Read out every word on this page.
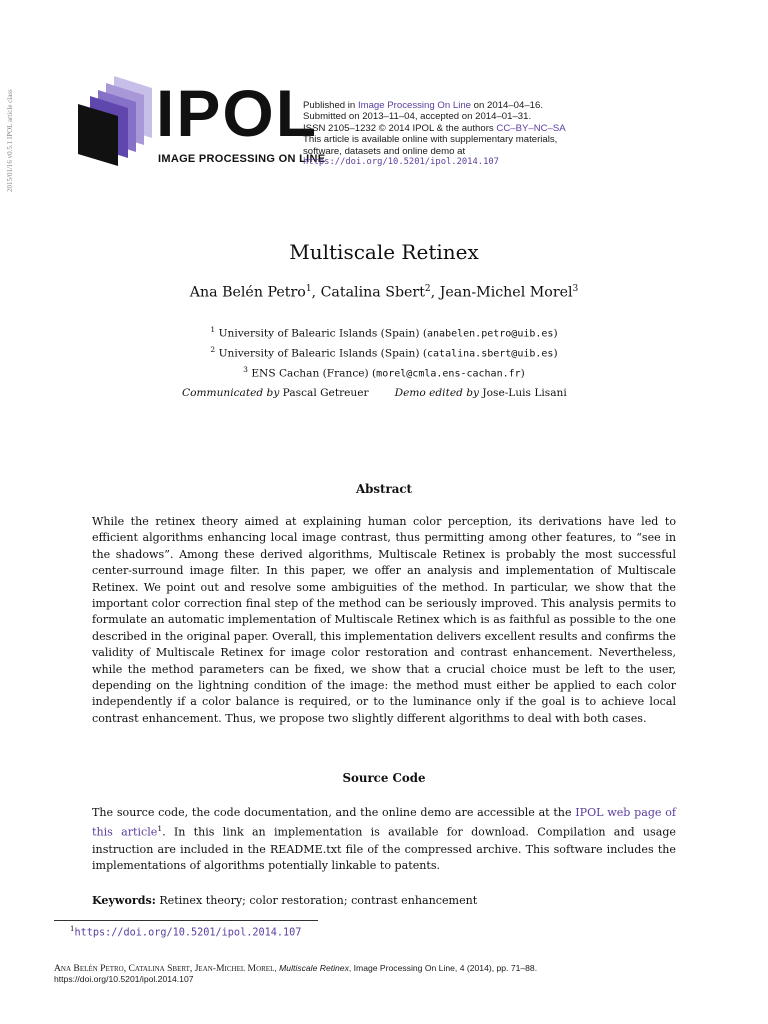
2015/01/16 v0.5.1 IPOL article class IPOL
IMAGE PROCESSING ON LINE
Published in Image Processing On Line on 2014–04–16.
Submitted on 2013–11–04, accepted on 2014–01–31.
ISSN 2105–1232 © 2014 IPOL & the authors CC–BY–NC–SA
This article is available online with supplementary materials,
software, datasets and online demo at
https://doi.org/10.5201/ipol.2014.107
Multiscale Retinex
Ana Belén Petro$^1$, Catalina Sbert$^2$, Jean-Michel Morel$^3$
$^1$ University of Balearic Islands (Spain) (anabelen.petro@uib.es)
$^2$ University of Balearic Islands (Spain) (catalina.sbert@uib.es)
$^3$ ENS Cachan (France) (morel@cmla.ens-cachan.fr)
Communicated by Pascal Getreuer Demo edited by Jose-Luis Lisani
Abstract

While the retinex theory aimed at explaining human color perception, its derivations have led to efficient algorithms enhancing local image contrast, thus permitting among other features, to “see in the shadows”. Among these derived algorithms, Multiscale Retinex is probably the most successful center-surround image filter. In this paper, we offer an analysis and implementation of Multiscale Retinex. We point out and resolve some ambiguities of the method. In particular, we show that the important color correction final step of the method can be seriously improved. This analysis permits to formulate an automatic implementation of Multiscale Retinex which is as faithful as possible to the one described in the original paper. Overall, this implementation delivers excellent results and confirms the validity of Multiscale Retinex for image color restoration and contrast enhancement. Nevertheless, while the method parameters can be fixed, we show that a crucial choice must be left to the user, depending on the lightning condition of the image: the method must either be applied to each color independently if a color balance is required, or to the luminance only if the goal is to achieve local contrast enhancement. Thus, we propose two slightly different algorithms to deal with both cases.

Source Code

The source code, the code documentation, and the online demo are accessible at the IPOL web page of this article$^1$. In this link an implementation is available for download. Compilation and usage instruction are included in the README.txt file of the compressed archive. This software includes the implementations of algorithms potentially linkable to patents.

Keywords: Retinex theory; color restoration; contrast enhancement
$^1$https://doi.org/10.5201/ipol.2014.107
Ana Belén Petro, Catalina Sbert, Jean-Michel Morel, Multiscale Retinex, Image Processing On Line, 4 (2014), pp. 71–88.
https://doi.org/10.5201/ipol.2014.107
